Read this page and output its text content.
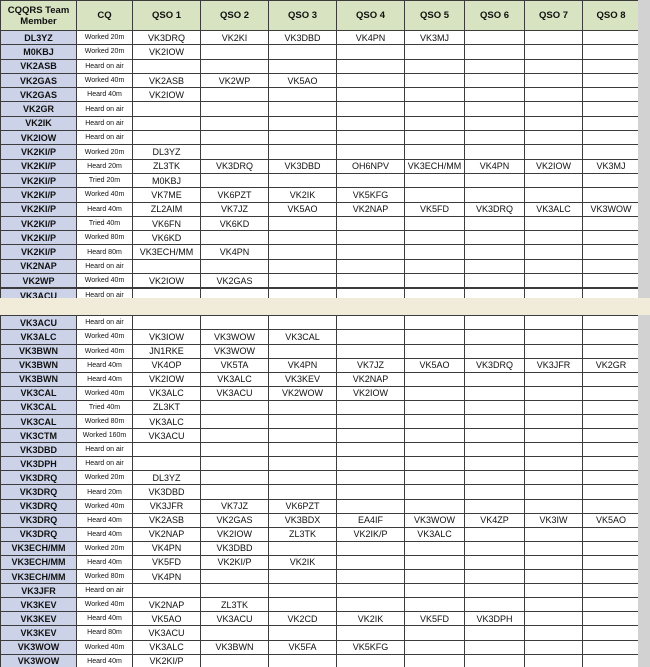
CQQRS Team Member	CQ	QSO 1	QSO 2	QSO 3	QSO 4	QSO 5	QSO 6	QSO 7	QSO 8
DL3YZ	Worked 20m	VK3DRQ	VK2KI	VK3DBD	VK4PN	VK3MJ			
M0KBJ	Worked 20m	VK2IOW							
VK2ASB	Heard on air								
VK2GAS	Worked 40m	VK2ASB	VK2WP	VK5AO					
VK2GAS	Heard 40m	VK2IOW							
VK2GR	Heard on air								
VK2IK	Heard on air								
VK2IOW	Heard on air								
VK2KI/P	Worked 20m	DL3YZ							
VK2KI/P	Heard 20m	ZL3TK	VK3DRQ	VK3DBD	OH6NPV	VK3ECH/MM	VK4PN	VK2IOW	VK3MJ
VK2KI/P	Tried 20m	M0KBJ							
VK2KI/P	Worked 40m	VK7ME	VK6PZT	VK2IK	VK5KFG				
VK2KI/P	Heard 40m	ZL2AIM	VK7JZ	VK5AO	VK2NAP	VK5FD	VK3DRQ	VK3ALC	VK3WOW
VK2KI/P	Tried 40m	VK6FN	VK6KD						
VK2KI/P	Worked 80m	VK6KD							
VK2KI/P	Heard 80m	VK3ECH/MM	VK4PN						
VK2NAP	Heard on air								
VK2WP	Worked 40m	VK2IOW	VK2GAS						
VK3ACU	Heard on air								
VK3ACU	Heard on air								
VK3ALC	Worked 40m	VK3IOW	VK3WOW	VK3CAL					
VK3BWN	Worked 40m	JN1RKE	VK3WOW						
VK3BWN	Heard 40m	VK4OP	VK5TA	VK4PN	VK7JZ	VK5AO	VK3DRQ	VK3JFR	VK2GR
VK3BWN	Heard 40m	VK2IOW	VK3ALC	VK3KEV	VK2NAP				
VK3CAL	Worked 40m	VK3ALC	VK3ACU	VK2WOW	VK2IOW				
VK3CAL	Tried 40m	ZL3KT							
VK3CAL	Worked 80m	VK3ALC							
VK3CTM	Worked 160m	VK3ACU							
VK3DBD	Heard on air								
VK3DPH	Heard on air								
VK3DRQ	Worked 20m	DL3YZ							
VK3DRQ	Heard 20m	VK3DBD							
VK3DRQ	Worked 40m	VK3JFR	VK7JZ	VK6PZT					
VK3DRQ	Heard 40m	VK2ASB	VK2GAS	VK3BDX	EA4IF	VK3WOW	VK4ZP	VK3IW	VK5AO
VK3DRQ	Heard 40m	VK2NAP	VK2IOW	ZL3TK	VK2IK/P	VK3ALC			
VK3ECH/MM	Worked 20m	VK4PN	VK3DBD						
VK3ECH/MM	Heard 40m	VK5FD	VK2KI/P	VK2IK					
VK3ECH/MM	Worked 80m	VK4PN							
VK3JFR	Heard on air								
VK3KEV	Worked 40m	VK2NAP	ZL3TK						
VK3KEV	Heard 40m	VK5AO	VK3ACU	VK2CD	VK2IK	VK5FD	VK3DPH		
VK3KEV	Heard 80m	VK3ACU							
VK3WOW	Worked 40m	VK3ALC	VK3BWN	VK5FA	VK5KFG				
VK3WOW	Heard 40m	VK2KI/P							
